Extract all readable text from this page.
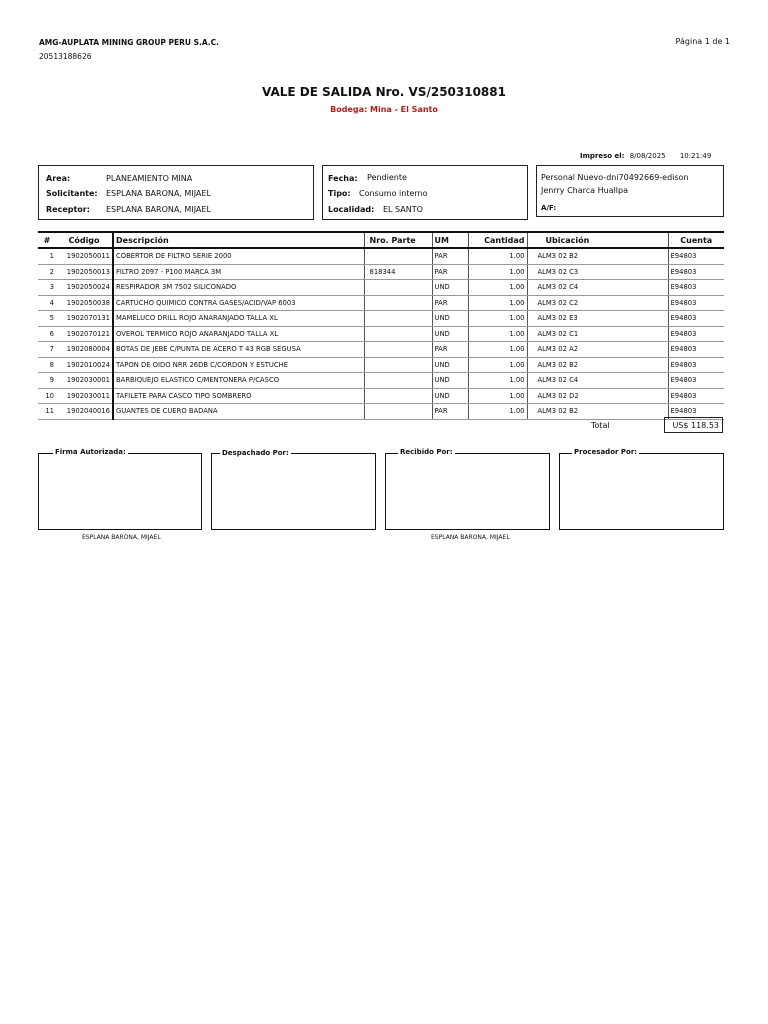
AMG-AUPLATA MINING GROUP PERU S.A.C.
20513188626
Página 1 de 1
VALE DE SALIDA Nro. VS/250310881
Bodega: Mina - El Santo
Impreso el: 8/08/2025 10:21:49
Area:	PLANEAMIENTO MINA
Solicitante: ESPLANA BARONA, MIJAEL
Receptor: ESPLANA BARONA, MIJAEL
Fecha: Pendiente
Tipo: Consumo interno
Localidad: EL SANTO
Personal Nuevo-dni70492669-edison
Jenrry Charca Huallpa
A/F:
#	Código	Descripción	Nro. Parte	UM	Cantidad	Ubicación	Cuenta
1	1902050011	COBERTOR DE FILTRO SERIE 2000		PAR	1.00	ALM3 02 B2	E94803
2	1902050013	FILTRO 2097 - P100 MARCA 3M	818344	PAR	1.00	ALM3 02 C3	E94803
3	1902050024	RESPIRADOR 3M 7502 SILICONADO		UND	1.00	ALM3 02 C4	E94803
4	1902050038	CARTUCHO QUIMICO CONTRA GASES/ACID/VAP 6003		PAR	1.00	ALM3 02 C2	E94803
5	1902070131	MAMELUCO DRILL ROJO ANARANJADO TALLA XL		UND	1.00	ALM3 02 E3	E94803
6	1902070121	OVEROL TERMICO ROJO ANARANJADO TALLA XL		UND	1.00	ALM3 02 C1	E94803
7	1902080004	BOTAS DE JEBE C/PUNTA DE ACERO T 43 RGB SEGUSA		PAR	1.00	ALM3 02 A2	E94803
8	1902010024	TAPON DE OIDO NRR 26DB C/CORDON Y ESTUCHE		UND	1.00	ALM3 02 B2	E94803
9	1902030001	BARBIQUEJO ELASTICO C/MENTONERA P/CASCO		UND	1.00	ALM3 02 C4	E94803
10	1902030011	TAFILETE PARA CASCO TIPO SOMBRERO		UND	1.00	ALM3 02 D2	E94803
11	1902040016	GUANTES DE CUERO BADANA		PAR	1.00	ALM3 02 B2	E94803
Total	US$ 118.53
Firma Autorizada:	Despachado Por:	Recibido Por:	Procesador Por:
ESPLANA BARONA, MIJAEL	ESPLANA BARONA, MIJAEL
